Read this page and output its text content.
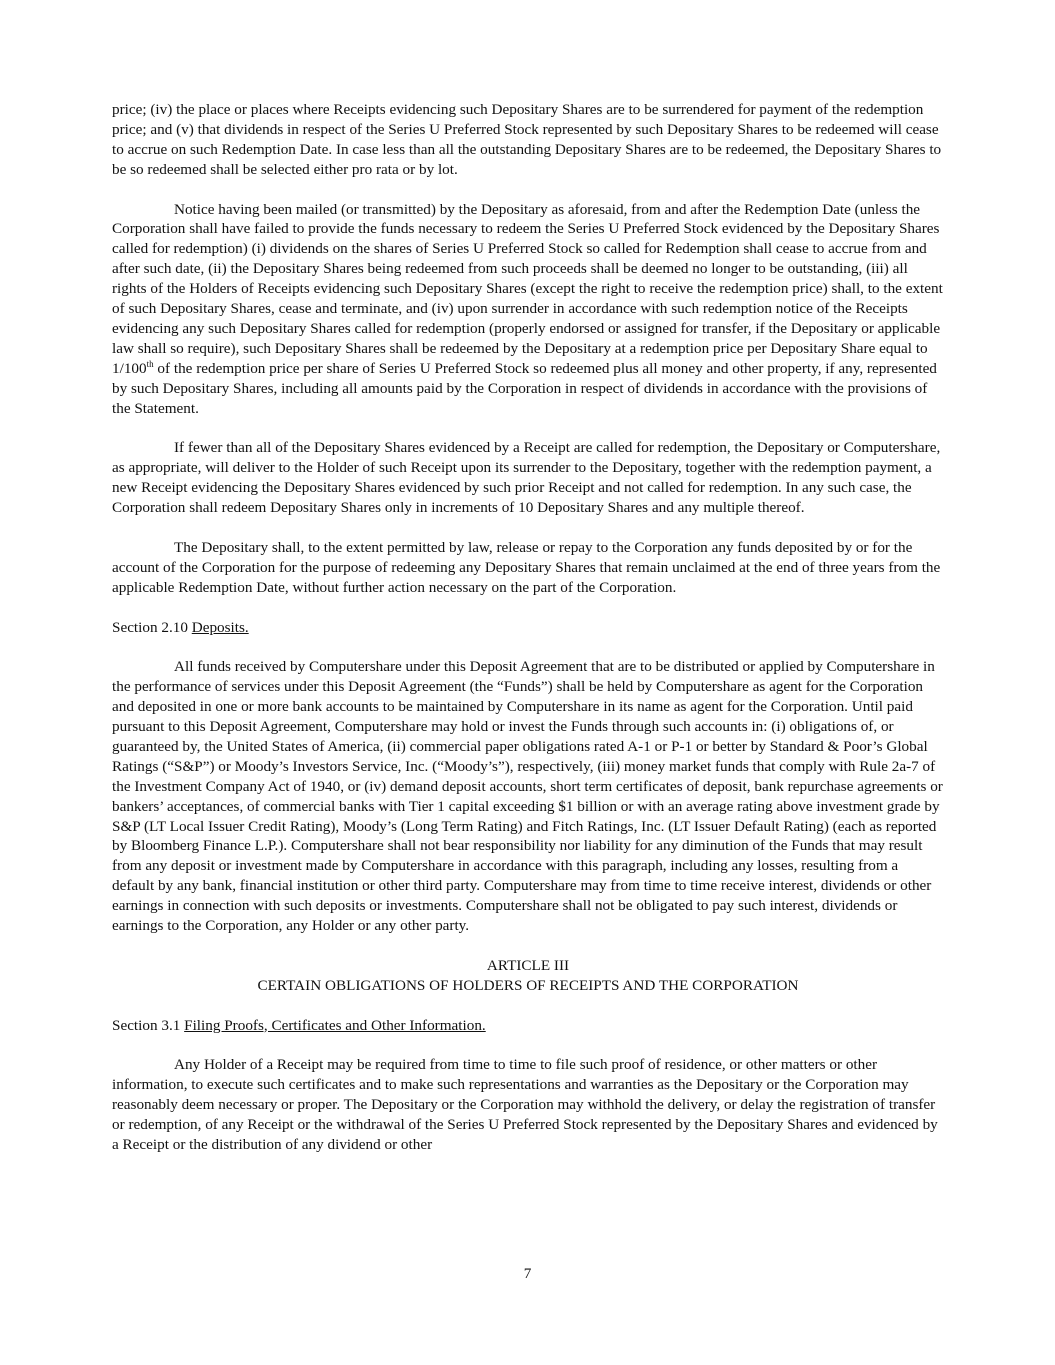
price; (iv) the place or places where Receipts evidencing such Depositary Shares are to be surrendered for payment of the redemption price; and (v) that dividends in respect of the Series U Preferred Stock represented by such Depositary Shares to be redeemed will cease to accrue on such Redemption Date. In case less than all the outstanding Depositary Shares are to be redeemed, the Depositary Shares to be so redeemed shall be selected either pro rata or by lot.

Notice having been mailed (or transmitted) by the Depositary as aforesaid, from and after the Redemption Date (unless the Corporation shall have failed to provide the funds necessary to redeem the Series U Preferred Stock evidenced by the Depositary Shares called for redemption) (i) dividends on the shares of Series U Preferred Stock so called for Redemption shall cease to accrue from and after such date, (ii) the Depositary Shares being redeemed from such proceeds shall be deemed no longer to be outstanding, (iii) all rights of the Holders of Receipts evidencing such Depositary Shares (except the right to receive the redemption price) shall, to the extent of such Depositary Shares, cease and terminate, and (iv) upon surrender in accordance with such redemption notice of the Receipts evidencing any such Depositary Shares called for redemption (properly endorsed or assigned for transfer, if the Depositary or applicable law shall so require), such Depositary Shares shall be redeemed by the Depositary at a redemption price per Depositary Share equal to 1/100th of the redemption price per share of Series U Preferred Stock so redeemed plus all money and other property, if any, represented by such Depositary Shares, including all amounts paid by the Corporation in respect of dividends in accordance with the provisions of the Statement.

If fewer than all of the Depositary Shares evidenced by a Receipt are called for redemption, the Depositary or Computershare, as appropriate, will deliver to the Holder of such Receipt upon its surrender to the Depositary, together with the redemption payment, a new Receipt evidencing the Depositary Shares evidenced by such prior Receipt and not called for redemption. In any such case, the Corporation shall redeem Depositary Shares only in increments of 10 Depositary Shares and any multiple thereof.

The Depositary shall, to the extent permitted by law, release or repay to the Corporation any funds deposited by or for the account of the Corporation for the purpose of redeeming any Depositary Shares that remain unclaimed at the end of three years from the applicable Redemption Date, without further action necessary on the part of the Corporation.

Section 2.10 Deposits.

All funds received by Computershare under this Deposit Agreement that are to be distributed or applied by Computershare in the performance of services under this Deposit Agreement (the “Funds”) shall be held by Computershare as agent for the Corporation and deposited in one or more bank accounts to be maintained by Computershare in its name as agent for the Corporation. Until paid pursuant to this Deposit Agreement, Computershare may hold or invest the Funds through such accounts in: (i) obligations of, or guaranteed by, the United States of America, (ii) commercial paper obligations rated A-1 or P-1 or better by Standard & Poor’s Global Ratings (“S&P”) or Moody’s Investors Service, Inc. (“Moody’s”), respectively, (iii) money market funds that comply with Rule 2a-7 of the Investment Company Act of 1940, or (iv) demand deposit accounts, short term certificates of deposit, bank repurchase agreements or bankers’ acceptances, of commercial banks with Tier 1 capital exceeding $1 billion or with an average rating above investment grade by S&P (LT Local Issuer Credit Rating), Moody’s (Long Term Rating) and Fitch Ratings, Inc. (LT Issuer Default Rating) (each as reported by Bloomberg Finance L.P.). Computershare shall not bear responsibility nor liability for any diminution of the Funds that may result from any deposit or investment made by Computershare in accordance with this paragraph, including any losses, resulting from a default by any bank, financial institution or other third party. Computershare may from time to time receive interest, dividends or other earnings in connection with such deposits or investments. Computershare shall not be obligated to pay such interest, dividends or earnings to the Corporation, any Holder or any other party.

ARTICLE III

CERTAIN OBLIGATIONS OF HOLDERS OF RECEIPTS AND THE CORPORATION

Section 3.1 Filing Proofs, Certificates and Other Information.

Any Holder of a Receipt may be required from time to time to file such proof of residence, or other matters or other information, to execute such certificates and to make such representations and warranties as the Depositary or the Corporation may reasonably deem necessary or proper. The Depositary or the Corporation may withhold the delivery, or delay the registration of transfer or redemption, of any Receipt or the withdrawal of the Series U Preferred Stock represented by the Depositary Shares and evidenced by a Receipt or the distribution of any dividend or other

7
